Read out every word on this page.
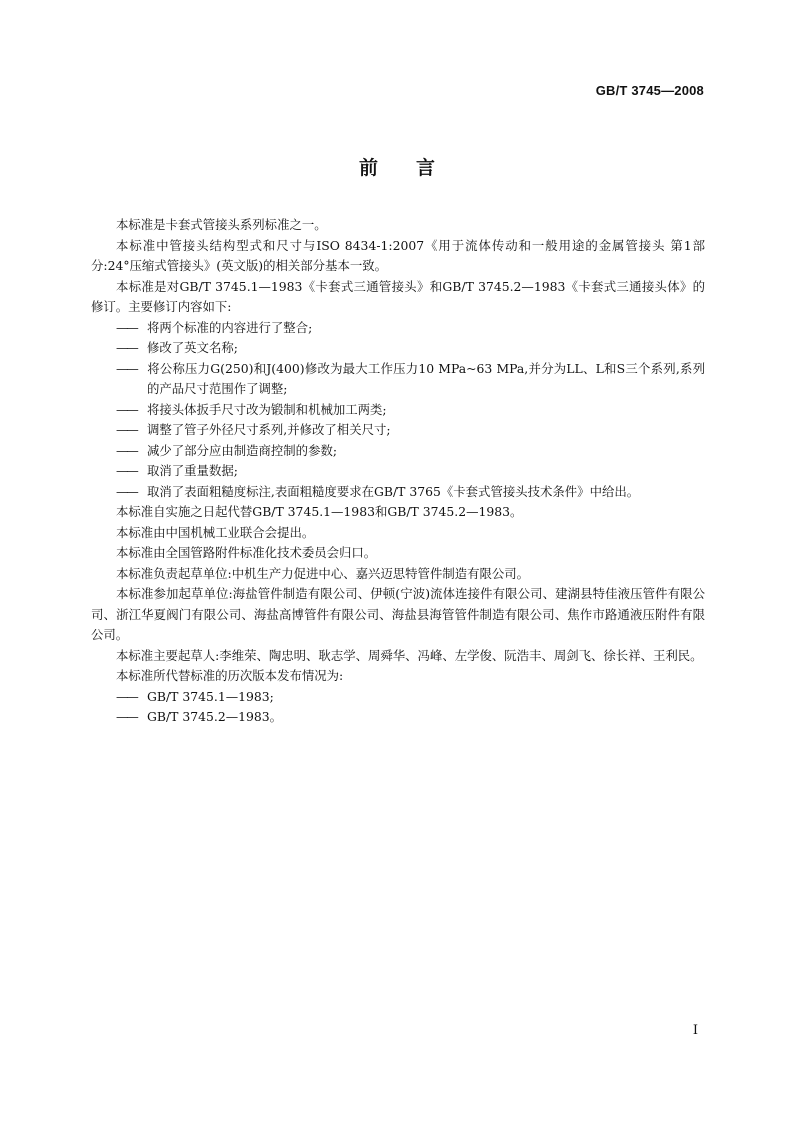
GB/T 3745—2008
前言

本标准是卡套式管接头系列标准之一。

本标准中管接头结构型式和尺寸与ISO 8434-1:2007《用于流体传动和一般用途的金属管接头 第1部分:24°压缩式管接头》(英文版)的相关部分基本一致。

本标准是对GB/T 3745.1—1983《卡套式三通管接头》和GB/T 3745.2—1983《卡套式三通接头体》的修订。主要修订内容如下:

—— 将两个标准的内容进行了整合;

—— 修改了英文名称;

—— 将公称压力G(250)和J(400)修改为最大工作压力10 MPa~63 MPa,并分为LL、L和S三个系列,系列的产品尺寸范围作了调整;

—— 将接头体扳手尺寸改为锻制和机械加工两类;

—— 调整了管子外径尺寸系列,并修改了相关尺寸;

—— 减少了部分应由制造商控制的参数;

—— 取消了重量数据;

—— 取消了表面粗糙度标注,表面粗糙度要求在GB/T 3765《卡套式管接头技术条件》中给出。

本标准自实施之日起代替GB/T 3745.1—1983和GB/T 3745.2—1983。

本标准由中国机械工业联合会提出。

本标准由全国管路附件标准化技术委员会归口。

本标准负责起草单位:中机生产力促进中心、嘉兴迈思特管件制造有限公司。

本标准参加起草单位:海盐管件制造有限公司、伊顿(宁波)流体连接件有限公司、建湖县特佳液压管件有限公司、浙江华夏阀门有限公司、海盐高博管件有限公司、海盐县海管管件制造有限公司、焦作市路通液压附件有限公司。

本标准主要起草人:李维荣、陶忠明、耿志学、周舜华、冯峰、左学俊、阮浩丰、周剑飞、徐长祥、王利民。

本标准所代替标准的历次版本发布情况为:

—— GB/T 3745.1—1983;

—— GB/T 3745.2—1983。

I
